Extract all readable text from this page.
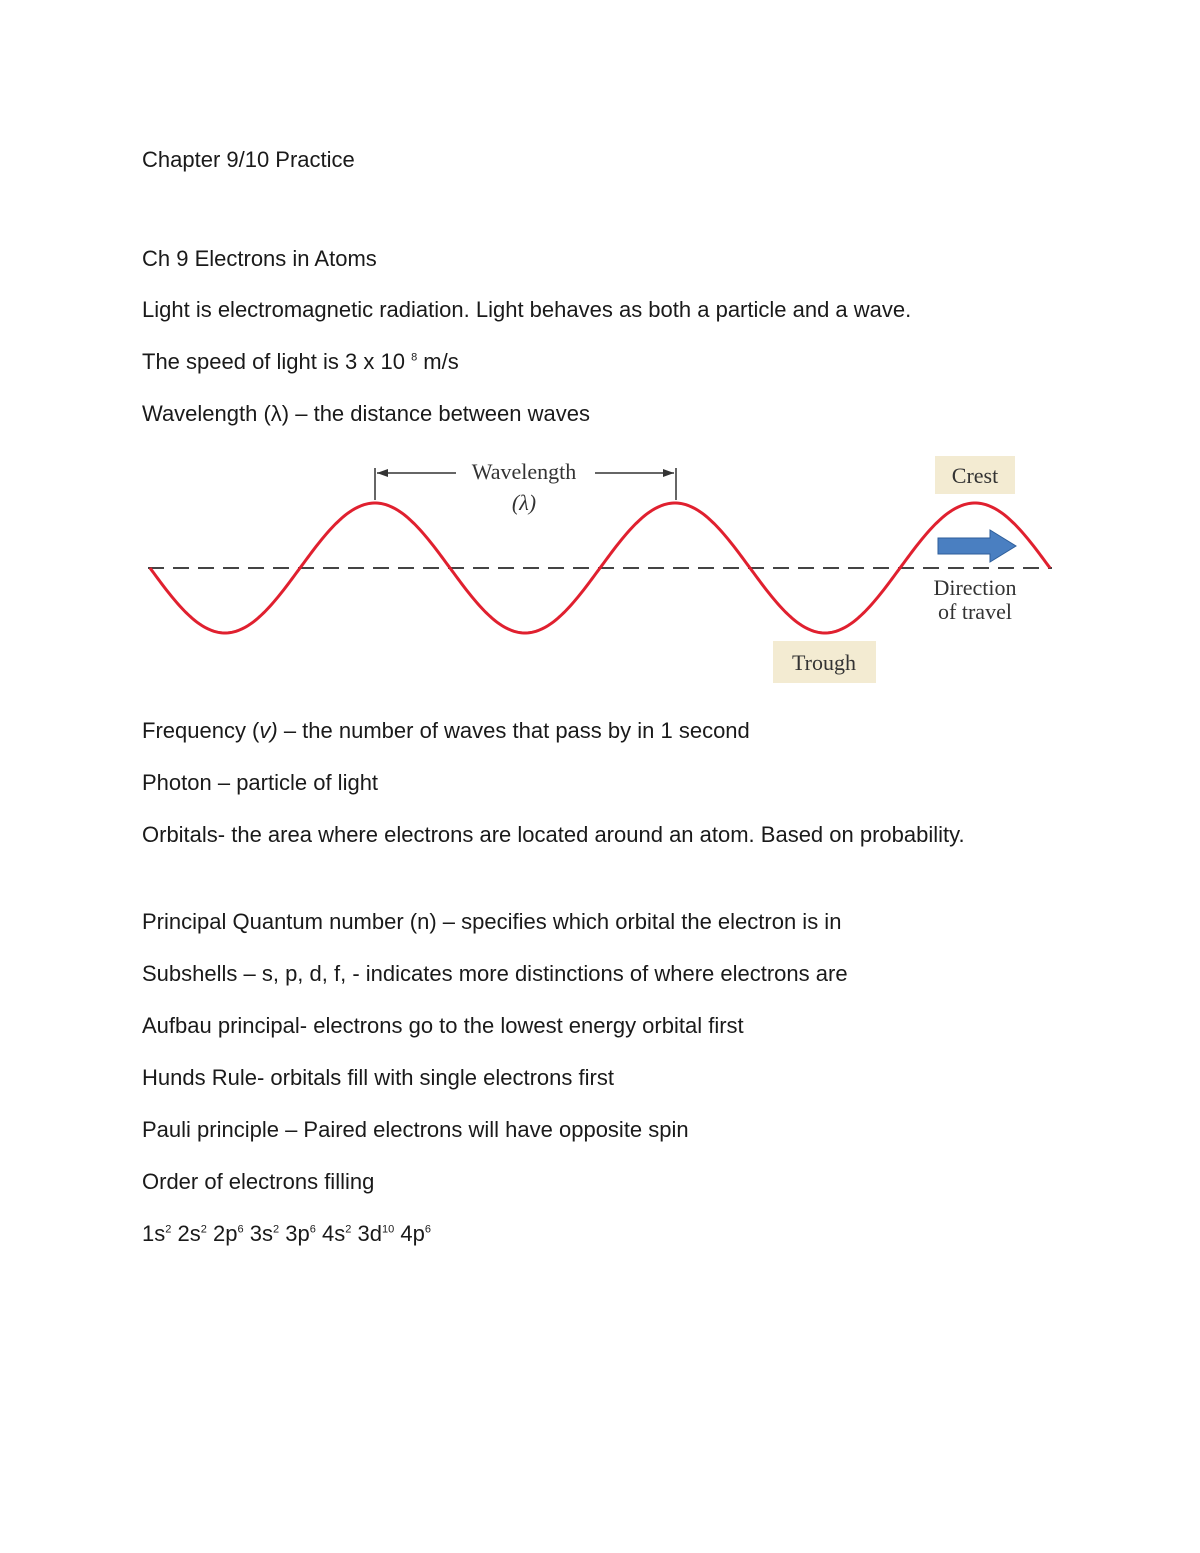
Chapter 9/10 Practice

Ch 9 Electrons in Atoms

Light is electromagnetic radiation. Light behaves as both a particle and a wave.

The speed of light is 3 x 10 $^8$ m/s

Wavelength (λ) – the distance between waves

Wavelength
(λ)
Crest
Direction
of travel
Trough

Frequency (v) – the number of waves that pass by in 1 second

Photon – particle of light

Orbitals- the area where electrons are located around an atom. Based on probability.

Principal Quantum number (n) – specifies which orbital the electron is in

Subshells – s, p, d, f, - indicates more distinctions of where electrons are

Aufbau principal- electrons go to the lowest energy orbital first

Hunds Rule- orbitals fill with single electrons first

Pauli principle – Paired electrons will have opposite spin

Order of electrons filling

$1s^2$ $2s^2$ $2p^6$ $3s^2$ $3p^6$ $4s^2$ $3d^{10}$ $4p^6$
